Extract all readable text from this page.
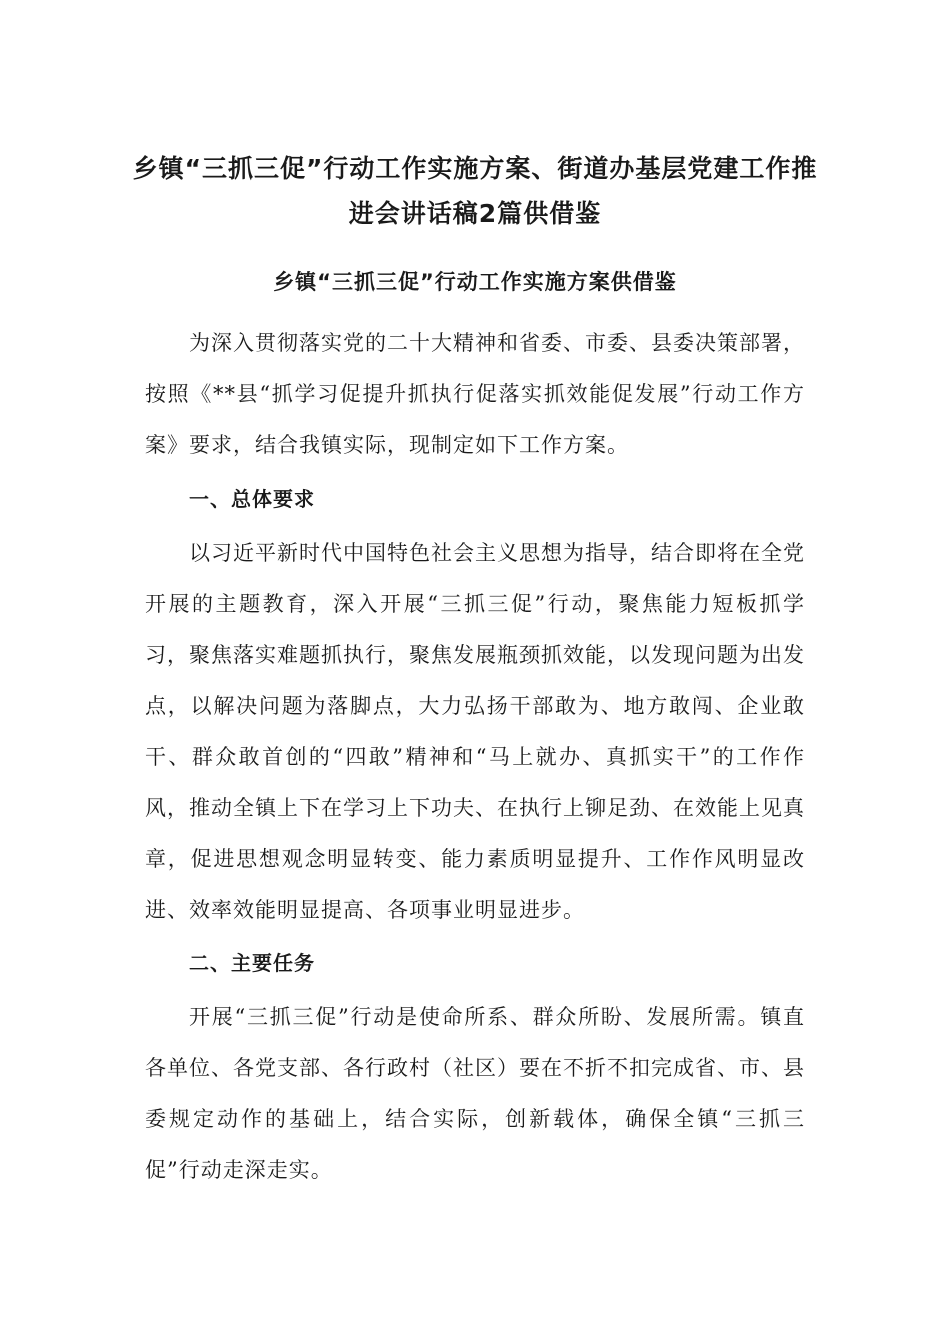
乡镇“三抓三促”行动工作实施方案、街道办基层党建工作推进会讲话稿2篇供借鉴
乡镇“三抓三促”行动工作实施方案供借鉴

为深入贯彻落实党的二十大精神和省委、市委、县委决策部署，按照《**县“抓学习促提升抓执行促落实抓效能促发展”行动工作方案》要求，结合我镇实际，现制定如下工作方案。

一、总体要求

以习近平新时代中国特色社会主义思想为指导，结合即将在全党开展的主题教育，深入开展“三抓三促”行动，聚焦能力短板抓学习，聚焦落实难题抓执行，聚焦发展瓶颈抓效能，以发现问题为出发点，以解决问题为落脚点，大力弘扬干部敢为、地方敢闯、企业敢干、群众敢首创的“四敢”精神和“马上就办、真抓实干”的工作作风，推动全镇上下在学习上下功夫、在执行上铆足劲、在效能上见真章，促进思想观念明显转变、能力素质明显提升、工作作风明显改进、效率效能明显提高、各项事业明显进步。

二、主要任务

开展“三抓三促”行动是使命所系、群众所盼、发展所需。镇直各单位、各党支部、各行政村（社区）要在不折不扣完成省、市、县委规定动作的基础上，结合实际，创新载体，确保全镇“三抓三促”行动走深走实。
